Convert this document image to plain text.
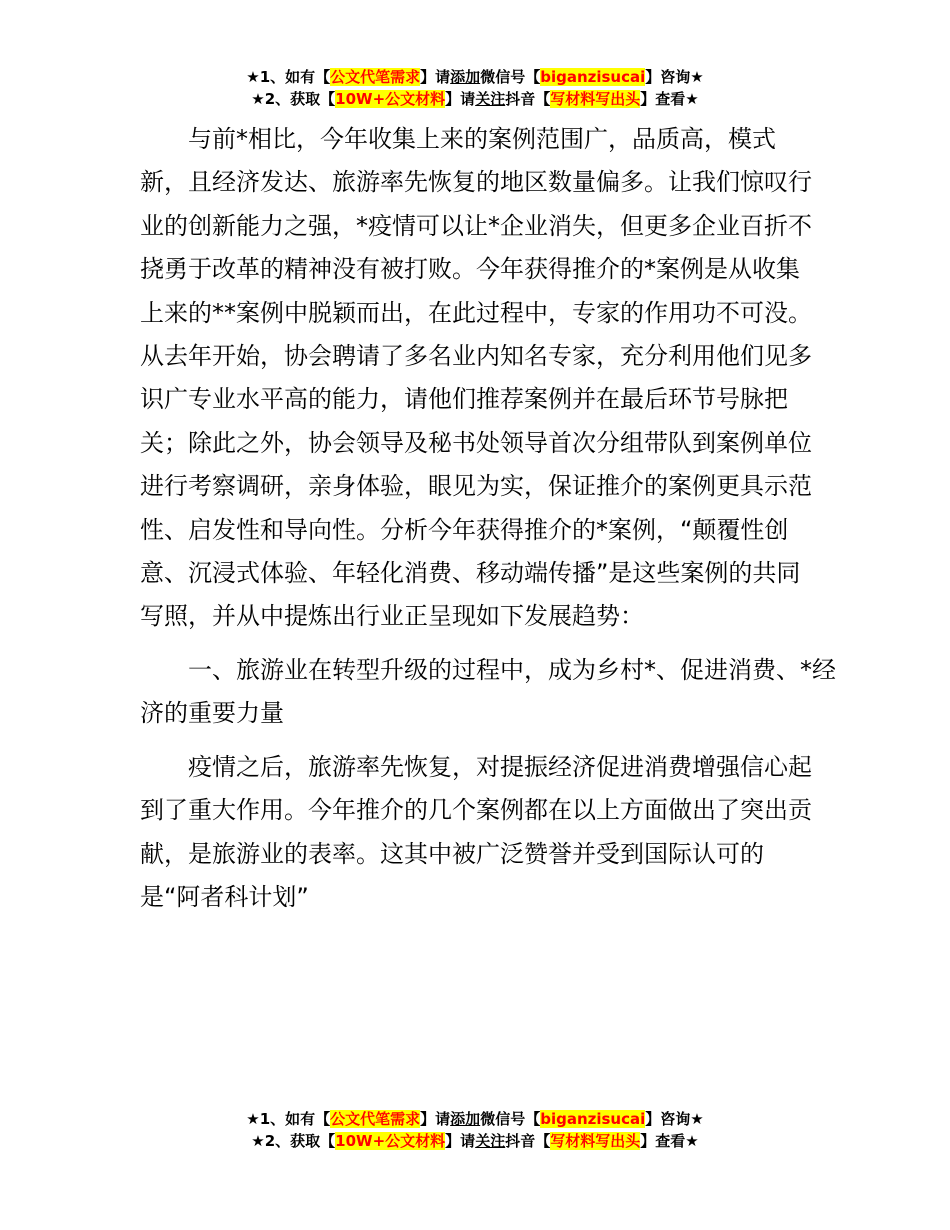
★1、如有【公文代笔需求】请添加微信号【biganzisucai】咨询★
★2、获取【10W+公文材料】请关注抖音【写材料写出头】查看★

与前*相比，今年收集上来的案例范围广，品质高，模式新，且经济发达、旅游率先恢复的地区数量偏多。让我们惊叹行业的创新能力之强，*疫情可以让*企业消失，但更多企业百折不挠勇于改革的精神没有被打败。今年获得推介的*案例是从收集上来的**案例中脱颖而出，在此过程中，专家的作用功不可没。从去年开始，协会聘请了多名业内知名专家，充分利用他们见多识广专业水平高的能力，请他们推荐案例并在最后环节号脉把关；除此之外，协会领导及秘书处领导首次分组带队到案例单位进行考察调研，亲身体验，眼见为实，保证推介的案例更具示范性、启发性和导向性。分析今年获得推介的*案例，“颠覆性创意、沉浸式体验、年轻化消费、移动端传播”是这些案例的共同写照，并从中提炼出行业正呈现如下发展趋势：

一、旅游业在转型升级的过程中，成为乡村*、促进消费、*经济的重要力量

疫情之后，旅游率先恢复，对提振经济促进消费增强信心起到了重大作用。今年推介的几个案例都在以上方面做出了突出贡献，是旅游业的表率。这其中被广泛赞誉并受到国际认可的是“阿者科计划”

★1、如有【公文代笔需求】请添加微信号【biganzisucai】咨询★
★2、获取【10W+公文材料】请关注抖音【写材料写出头】查看★
